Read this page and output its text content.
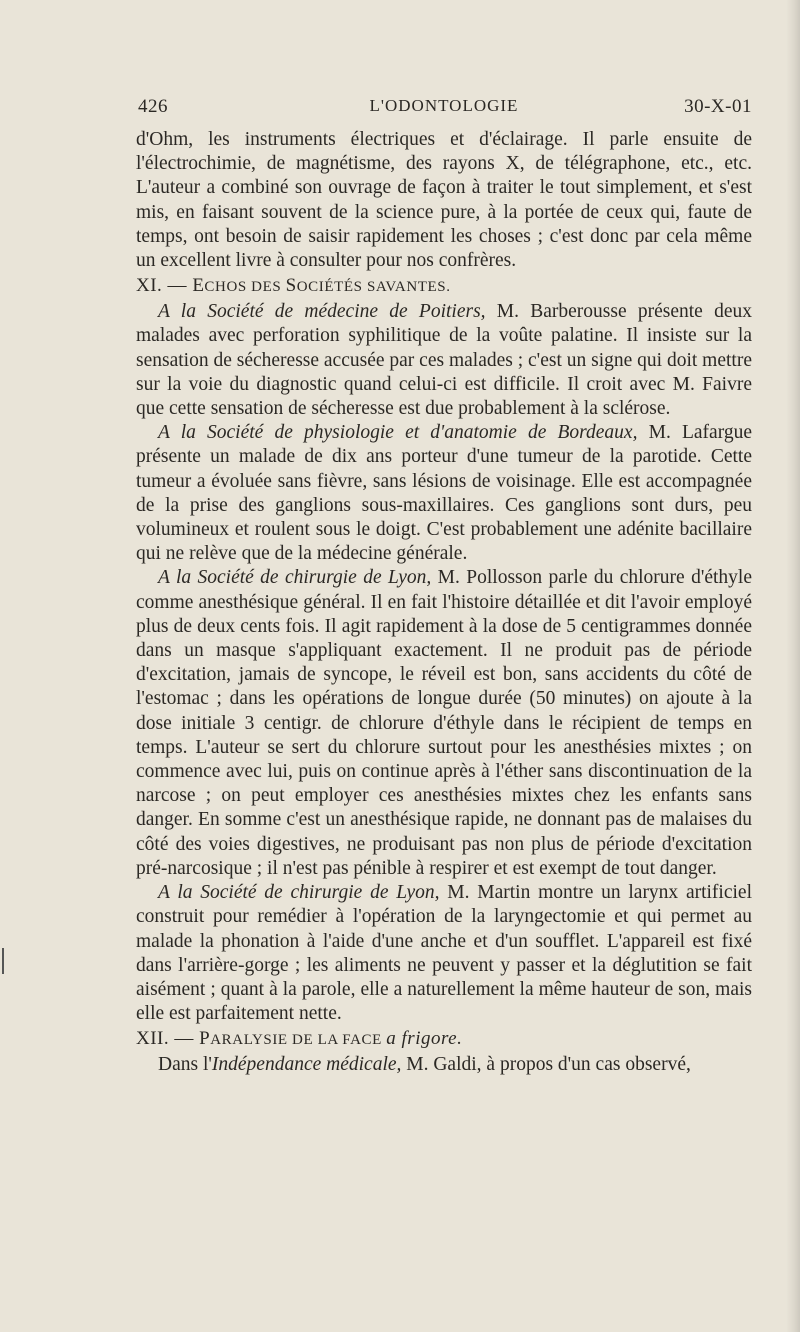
426	L'ODONTOLOGIE	30-X-01

d'Ohm, les instruments électriques et d'éclairage. Il parle ensuite de l'électrochimie, de magnétisme, des rayons X, de télégraphone, etc., etc. L'auteur a combiné son ouvrage de façon à traiter le tout simplement, et s'est mis, en faisant souvent de la science pure, à la portée de ceux qui, faute de temps, ont besoin de saisir rapidement les choses ; c'est donc par cela même un excellent livre à consulter pour nos confrères.

XI. — ECHOS DES SOCIÉTÉS SAVANTES.

A la Société de médecine de Poitiers, M. Barberousse présente deux malades avec perforation syphilitique de la voûte palatine. Il insiste sur la sensation de sécheresse accusée par ces malades ; c'est un signe qui doit mettre sur la voie du diagnostic quand celui-ci est difficile. Il croit avec M. Faivre que cette sensation de sécheresse est due probablement à la sclérose.

A la Société de physiologie et d'anatomie de Bordeaux, M. Lafargue présente un malade de dix ans porteur d'une tumeur de la parotide. Cette tumeur a évoluée sans fièvre, sans lésions de voisinage. Elle est accompagnée de la prise des ganglions sous-maxillaires. Ces ganglions sont durs, peu volumineux et roulent sous le doigt. C'est probablement une adénite bacillaire qui ne relève que de la médecine générale.

A la Société de chirurgie de Lyon, M. Pollosson parle du chlorure d'éthyle comme anesthésique général. Il en fait l'histoire détaillée et dit l'avoir employé plus de deux cents fois. Il agit rapidement à la dose de 5 centigrammes donnée dans un masque s'appliquant exactement. Il ne produit pas de période d'excitation, jamais de syncope, le réveil est bon, sans accidents du côté de l'estomac ; dans les opérations de longue durée (50 minutes) on ajoute à la dose initiale 3 centigr. de chlorure d'éthyle dans le récipient de temps en temps. L'auteur se sert du chlorure surtout pour les anesthésies mixtes ; on commence avec lui, puis on continue après à l'éther sans discontinuation de la narcose ; on peut employer ces anesthésies mixtes chez les enfants sans danger. En somme c'est un anesthésique rapide, ne donnant pas de malaises du côté des voies digestives, ne produisant pas non plus de période d'excitation pré-narcosique ; il n'est pas pénible à respirer et est exempt de tout danger.

A la Société de chirurgie de Lyon, M. Martin montre un larynx artificiel construit pour remédier à l'opération de la laryngectomie et qui permet au malade la phonation à l'aide d'une anche et d'un soufflet. L'appareil est fixé dans l'arrière-gorge ; les aliments ne peuvent y passer et la déglutition se fait aisément ; quant à la parole, elle a naturellement la même hauteur de son, mais elle est parfaitement nette.

XII. — PARALYSIE DE LA FACE a frigore.

Dans l'Indépendance médicale, M. Galdi, à propos d'un cas observé,
